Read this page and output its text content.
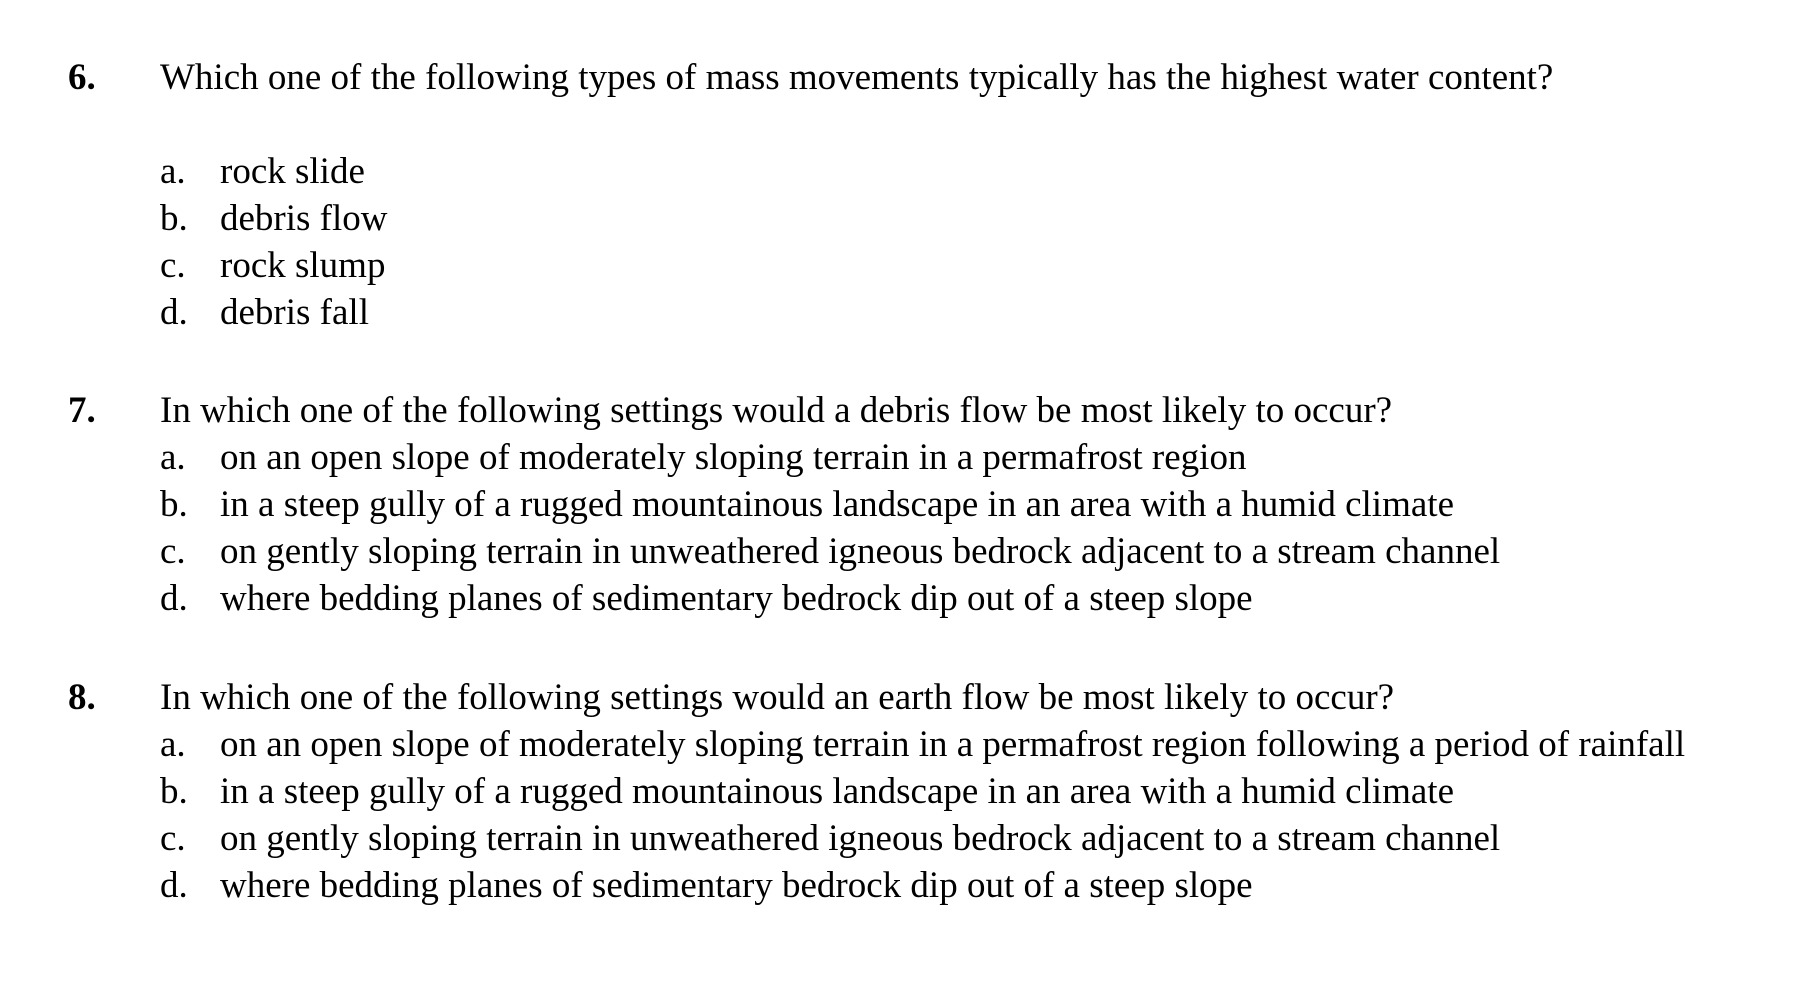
6. Which one of the following types of mass movements typically has the highest water content?
a. rock slide
b. debris flow
c. rock slump
d. debris fall
7. In which one of the following settings would a debris flow be most likely to occur?
a. on an open slope of moderately sloping terrain in a permafrost region
b. in a steep gully of a rugged mountainous landscape in an area with a humid climate
c. on gently sloping terrain in unweathered igneous bedrock adjacent to a stream channel
d. where bedding planes of sedimentary bedrock dip out of a steep slope
8. In which one of the following settings would an earth flow be most likely to occur?
a. on an open slope of moderately sloping terrain in a permafrost region following a period of rainfall
b. in a steep gully of a rugged mountainous landscape in an area with a humid climate
c. on gently sloping terrain in unweathered igneous bedrock adjacent to a stream channel
d. where bedding planes of sedimentary bedrock dip out of a steep slope
